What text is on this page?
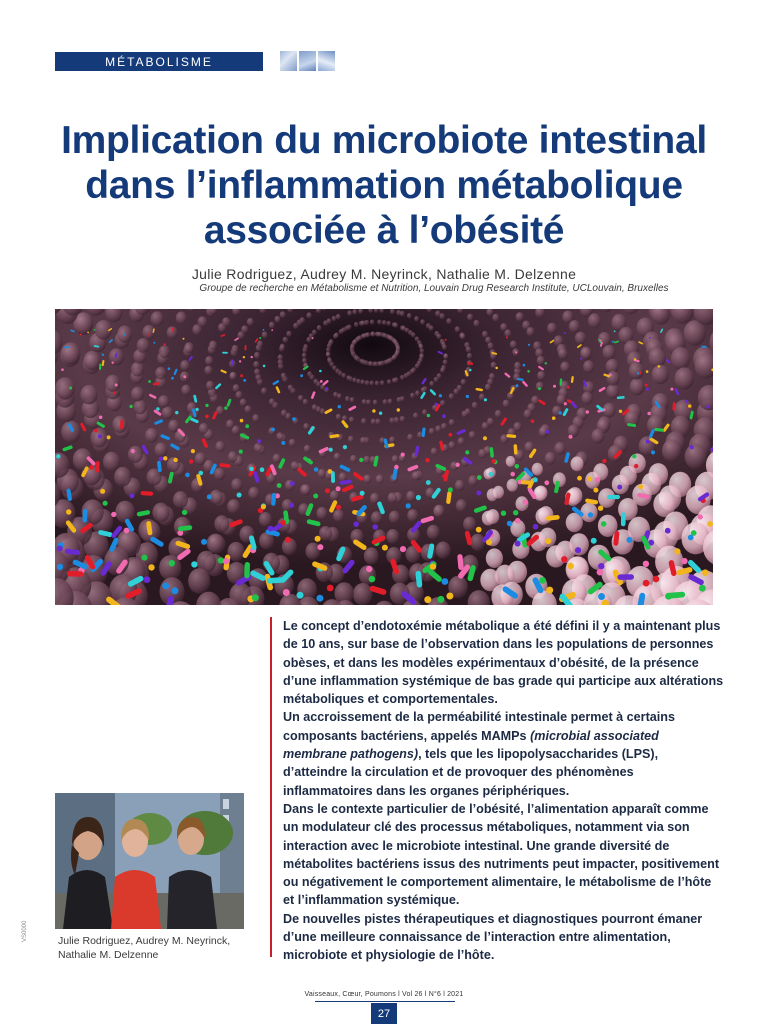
MÉTABOLISME
Implication du microbiote intestinal
dans l’inflammation métabolique
associée à l’obésité
Julie Rodriguez, Audrey M. Neyrinck, Nathalie M. Delzenne
Groupe de recherche en Métabolisme et Nutrition, Louvain Drug Research Institute, UCLouvain, Bruxelles

Le concept d’endotoxémie métabolique a été défini il y a maintenant plus de 10 ans, sur base de l’observation dans les populations de personnes obèses, et dans les modèles expérimentaux d’obésité, de la présence d’une inflammation systémique de bas grade qui participe aux altérations métaboliques et comportementales.

Un accroissement de la perméabilité intestinale permet à certains composants bactériens, appelés MAMPs (microbial associated membrane pathogens), tels que les lipopolysaccharides (LPS), d’atteindre la circulation et de provoquer des phénomènes inflammatoires dans les organes périphériques.

Dans le contexte particulier de l’obésité, l’alimentation apparaît comme un modulateur clé des processus métaboliques, notamment via son interaction avec le microbiote intestinal. Une grande diversité de métabolites bactériens issus des nutriments peut impacter, positivement ou négativement le comportement alimentaire, le métabolisme de l’hôte et l’inflammation systémique.

De nouvelles pistes thérapeutiques et diagnostiques pourront émaner d’une meilleure connaissance de l’interaction entre alimentation, microbiote et physiologie de l’hôte.

Julie Rodriguez, Audrey M. Neyrinck,
Nathalie M. Delzenne
VS0000
Vaisseaux, Cœur, Poumons l Vol 26 l N°6 l 2021
27
